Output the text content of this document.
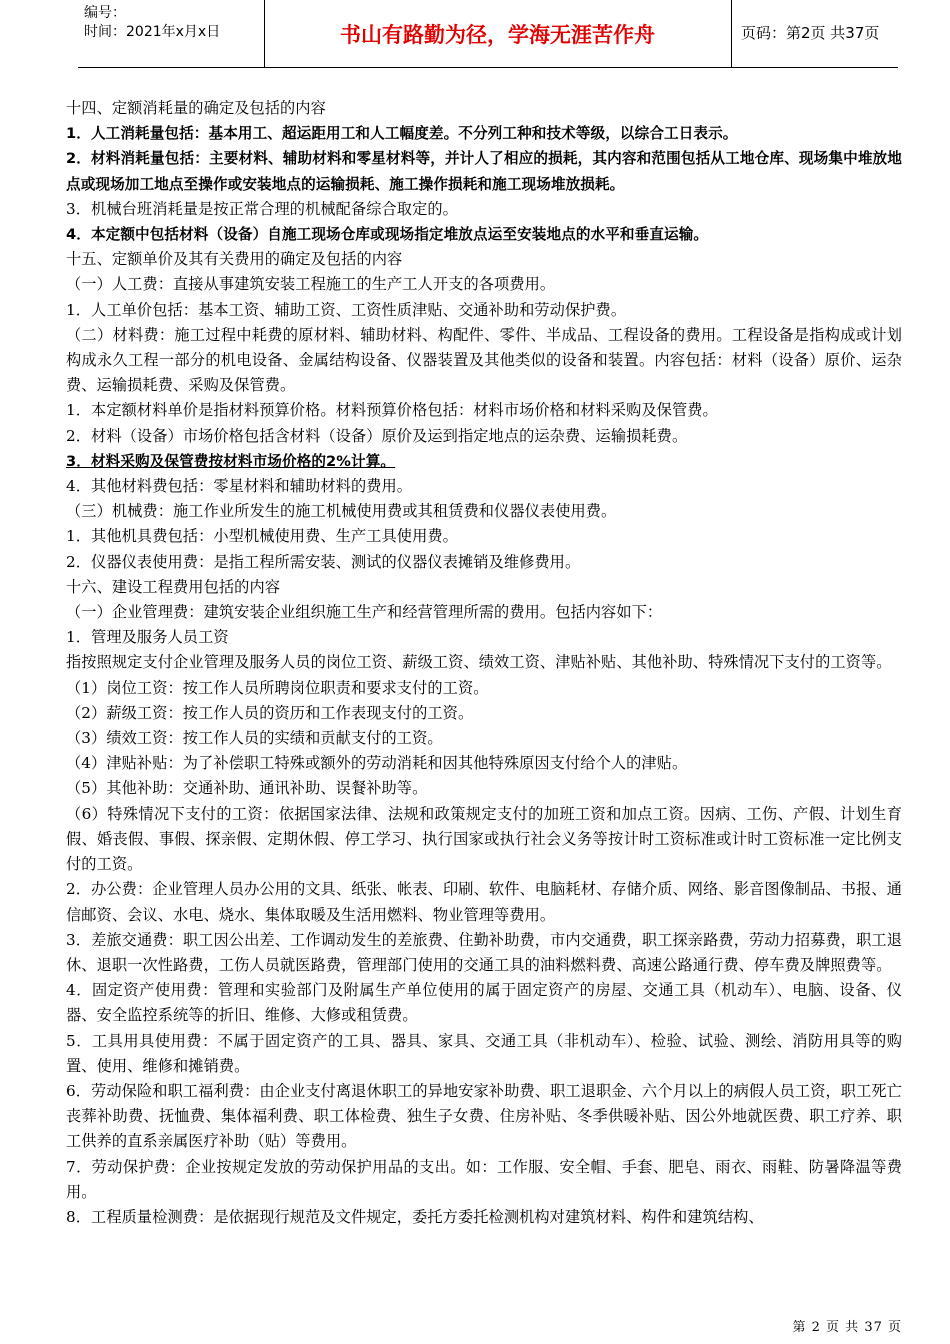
编号：
时间：2021年x月x日	书山有路勤为径，学海无涯苦作舟	页码：第2页 共37页

十四、定额消耗量的确定及包括的内容

1．人工消耗量包括：基本用工、超运距用工和人工幅度差。不分列工种和技术等级，以综合工日表示。

2．材料消耗量包括：主要材料、辅助材料和零星材料等，并计人了相应的损耗，其内容和范围包括从工地仓库、现场集中堆放地点或现场加工地点至操作或安装地点的运输损耗、施工操作损耗和施工现场堆放损耗。

3．机械台班消耗量是按正常合理的机械配备综合取定的。

4．本定额中包括材料（设备）自施工现场仓库或现场指定堆放点运至安装地点的水平和垂直运输。

十五、定额单价及其有关费用的确定及包括的内容

（一）人工费：直接从事建筑安装工程施工的生产工人开支的各项费用。

1．人工单价包括：基本工资、辅助工资、工资性质津贴、交通补助和劳动保护费。

（二）材料费：施工过程中耗费的原材料、辅助材料、构配件、零件、半成品、工程设备的费用。工程设备是指构成或计划构成永久工程一部分的机电设备、金属结构设备、仪器装置及其他类似的设备和装置。内容包括：材料（设备）原价、运杂费、运输损耗费、采购及保管费。

1．本定额材料单价是指材料预算价格。材料预算价格包括：材料市场价格和材料采购及保管费。

2．材料（设备）市场价格包括含材料（设备）原价及运到指定地点的运杂费、运输损耗费。

3．材料采购及保管费按材料市场价格的2%计算。

4．其他材料费包括：零星材料和辅助材料的费用。

（三）机械费：施工作业所发生的施工机械使用费或其租赁费和仪器仪表使用费。

1．其他机具费包括：小型机械使用费、生产工具使用费。

2．仪器仪表使用费：是指工程所需安装、测试的仪器仪表摊销及维修费用。

十六、建设工程费用包括的内容

（一）企业管理费：建筑安装企业组织施工生产和经营管理所需的费用。包括内容如下：

1．管理及服务人员工资

指按照规定支付企业管理及服务人员的岗位工资、薪级工资、绩效工资、津贴补贴、其他补助、特殊情况下支付的工资等。

（1）岗位工资：按工作人员所聘岗位职责和要求支付的工资。

（2）薪级工资：按工作人员的资历和工作表现支付的工资。

（3）绩效工资：按工作人员的实绩和贡献支付的工资。

（4）津贴补贴：为了补偿职工特殊或额外的劳动消耗和因其他特殊原因支付给个人的津贴。

（5）其他补助：交通补助、通讯补助、误餐补助等。

（6）特殊情况下支付的工资：依据国家法律、法规和政策规定支付的加班工资和加点工资。因病、工伤、产假、计划生育假、婚丧假、事假、探亲假、定期休假、停工学习、执行国家或执行社会义务等按计时工资标准或计时工资标准一定比例支付的工资。

2．办公费：企业管理人员办公用的文具、纸张、帐表、印刷、软件、电脑耗材、存储介质、网络、影音图像制品、书报、通信邮资、会议、水电、烧水、集体取暖及生活用燃料、物业管理等费用。

3．差旅交通费：职工因公出差、工作调动发生的差旅费、住勤补助费，市内交通费，职工探亲路费，劳动力招募费，职工退休、退职一次性路费，工伤人员就医路费，管理部门使用的交通工具的油料燃料费、高速公路通行费、停车费及牌照费等。

4．固定资产使用费：管理和实验部门及附属生产单位使用的属于固定资产的房屋、交通工具（机动车）、电脑、设备、仪器、安全监控系统等的折旧、维修、大修或租赁费。

5．工具用具使用费：不属于固定资产的工具、器具、家具、交通工具（非机动车）、检验、试验、测绘、消防用具等的购置、使用、维修和摊销费。

6．劳动保险和职工福利费：由企业支付离退休职工的异地安家补助费、职工退职金、六个月以上的病假人员工资，职工死亡丧葬补助费、抚恤费、集体福利费、职工体检费、独生子女费、住房补贴、冬季供暖补贴、因公外地就医费、职工疗养、职工供养的直系亲属医疗补助（贴）等费用。

7．劳动保护费：企业按规定发放的劳动保护用品的支出。如：工作服、安全帽、手套、肥皂、雨衣、雨鞋、防暑降温等费用。

8．工程质量检测费：是依据现行规范及文件规定，委托方委托检测机构对建筑材料、构件和建筑结构、

第 2 页 共 37 页
